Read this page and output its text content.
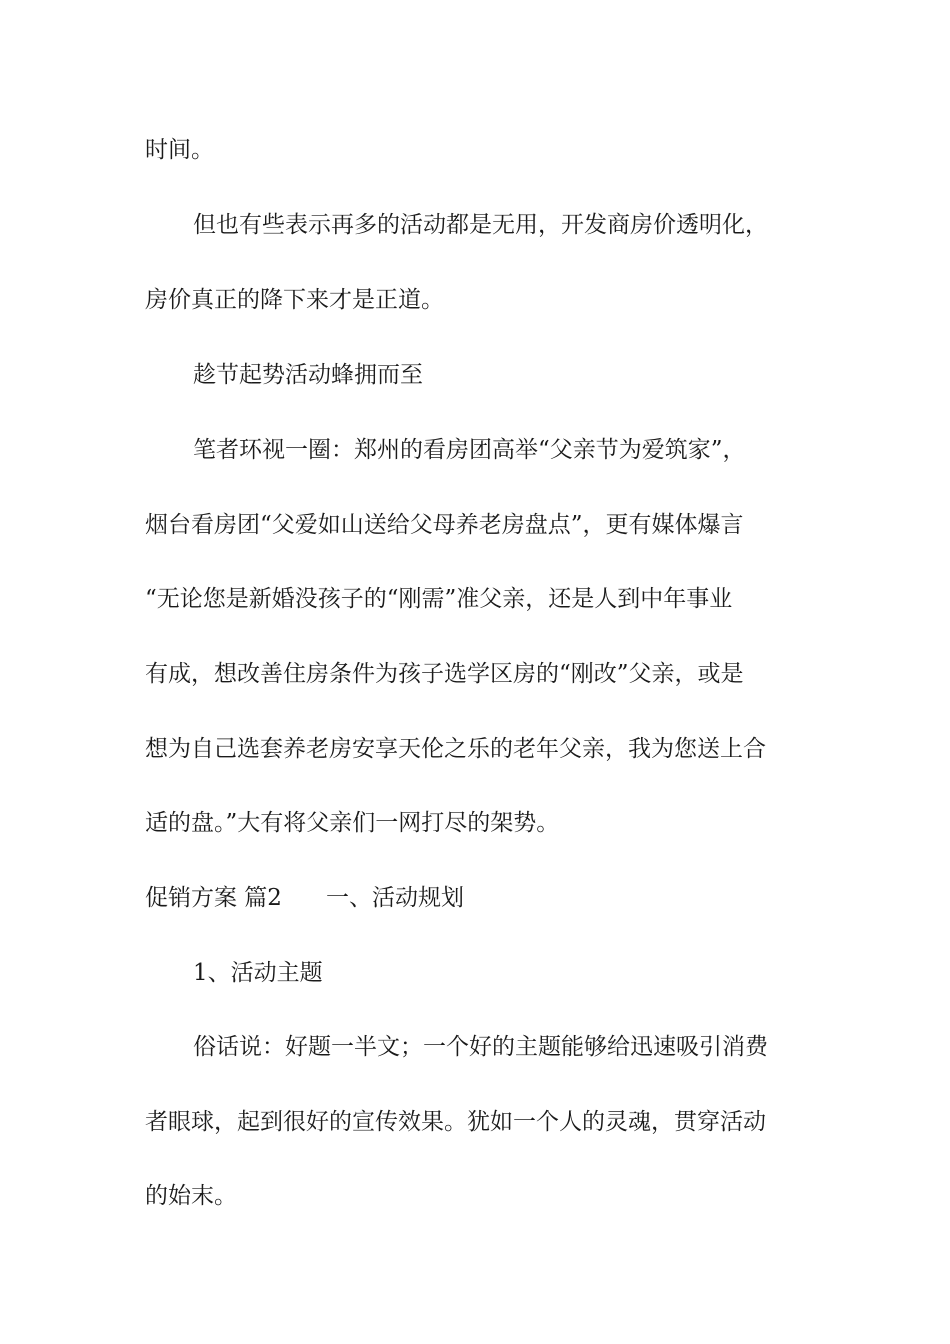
时间。
但也有些表示再多的活动都是无用，开发商房价透明化，
房价真正的降下来才是正道。
趁节起势活动蜂拥而至
笔者环视一圈：郑州的看房团高举“父亲节为爱筑家”，
烟台看房团“父爱如山送给父母养老房盘点”，更有媒体爆言
“无论您是新婚没孩子的“刚需”准父亲，还是人到中年事业
有成，想改善住房条件为孩子选学区房的“刚改”父亲，或是
想为自己选套养老房安享天伦之乐的老年父亲，我为您送上合
适的盘。”大有将父亲们一网打尽的架势。
促销方案 篇2 一、活动规划
1、活动主题
俗话说：好题一半文；一个好的主题能够给迅速吸引消费
者眼球，起到很好的宣传效果。犹如一个人的灵魂，贯穿活动
的始末。
